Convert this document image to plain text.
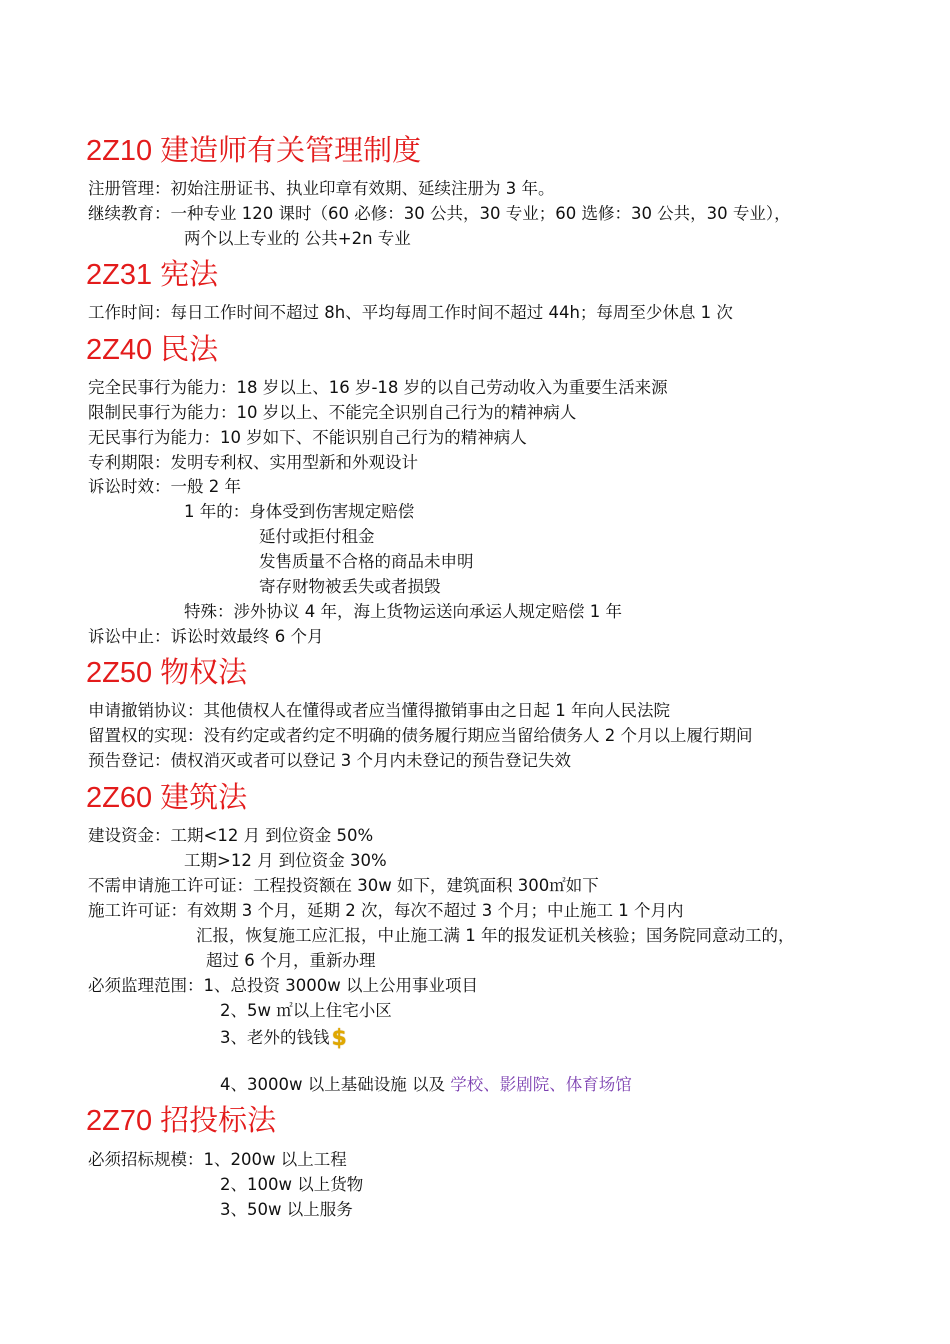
2Z10 建造师有关管理制度
注册管理：初始注册证书、执业印章有效期、延续注册为 3 年。
继续教育：一种专业 120 课时（60 必修：30 公共，30 专业；60 选修：30 公共，30 专业），
两个以上专业的 公共+2n 专业
2Z31 宪法
工作时间：每日工作时间不超过 8h、平均每周工作时间不超过 44h；每周至少休息 1 次
2Z40 民法
完全民事行为能力：18 岁以上、16 岁-18 岁的以自己劳动收入为重要生活来源
限制民事行为能力：10 岁以上、不能完全识别自己行为的精神病人
无民事行为能力：10 岁如下、不能识别自己行为的精神病人
专利期限：发明专利权、实用型新和外观设计
诉讼时效：一般 2 年
1 年的：身体受到伤害规定赔偿
延付或拒付租金
发售质量不合格的商品未申明
寄存财物被丢失或者损毁
特殊：涉外协议 4 年，海上货物运送向承运人规定赔偿 1 年
诉讼中止：诉讼时效最终 6 个月
2Z50 物权法
申请撤销协议：其他债权人在懂得或者应当懂得撤销事由之日起 1 年向人民法院
留置权的实现：没有约定或者约定不明确的债务履行期应当留给债务人 2 个月以上履行期间
预告登记：债权消灭或者可以登记 3 个月内未登记的预告登记失效
2Z60 建筑法
建设资金：工期<12 月 到位资金 50%
工期>12 月 到位资金 30%
不需申请施工许可证：工程投资额在 30w 如下，建筑面积 300㎡如下
施工许可证：有效期 3 个月，延期 2 次，每次不超过 3 个月；中止施工 1 个月内
汇报，恢复施工应汇报，中止施工满 1 年的报发证机关核验；国务院同意动工的，
超过 6 个月，重新办理
必须监理范围：1、总投资 3000w 以上公用事业项目
2、5w ㎡以上住宅小区
3、老外的钱钱$
4、3000w 以上基础设施 以及 学校、影剧院、体育场馆
2Z70 招投标法
必须招标规模：1、200w 以上工程
2、100w 以上货物
3、50w 以上服务
